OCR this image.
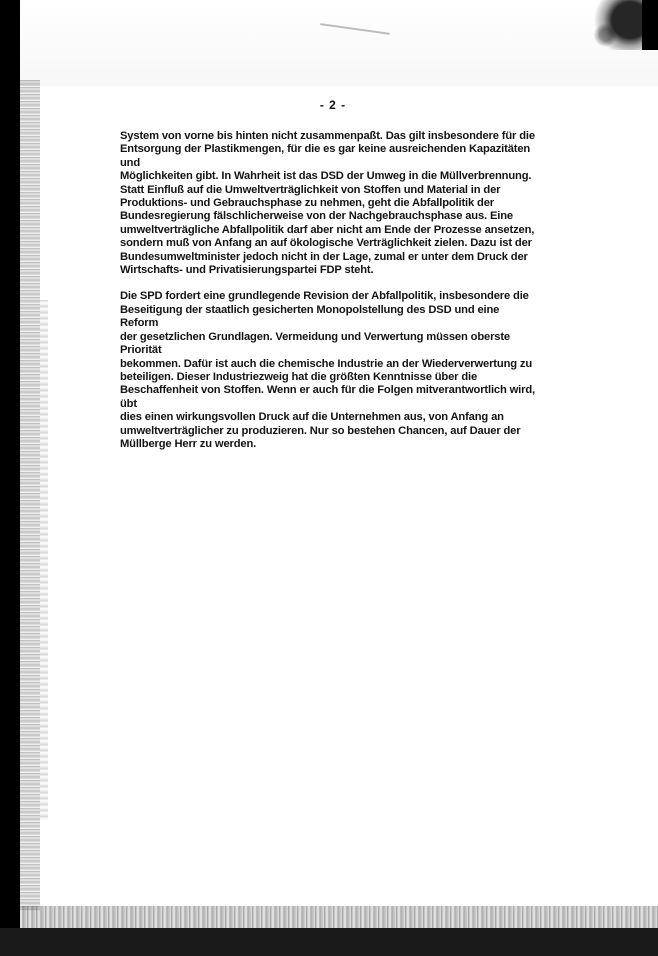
- 2 -

System von vorne bis hinten nicht zusammenpaßt. Das gilt insbesondere für die
Entsorgung der Plastikmengen, für die es gar keine ausreichenden Kapazitäten und
Möglichkeiten gibt. In Wahrheit ist das DSD der Umweg in die Müllverbrennung.
Statt Einfluß auf die Umweltverträglichkeit von Stoffen und Material in der
Produktions- und Gebrauchsphase zu nehmen, geht die Abfallpolitik der
Bundesregierung fälschlicherweise von der Nachgebrauchsphase aus. Eine
umweltverträgliche Abfallpolitik darf aber nicht am Ende der Prozesse ansetzen,
sondern muß von Anfang an auf ökologische Verträglichkeit zielen. Dazu ist der
Bundesumweltminister jedoch nicht in der Lage, zumal er unter dem Druck der
Wirtschafts- und Privatisierungspartei FDP steht.

Die SPD fordert eine grundlegende Revision der Abfallpolitik, insbesondere die
Beseitigung der staatlich gesicherten Monopolstellung des DSD und eine Reform
der gesetzlichen Grundlagen. Vermeidung und Verwertung müssen oberste Priorität
bekommen. Dafür ist auch die chemische Industrie an der Wiederverwertung zu
beteiligen. Dieser Industriezweig hat die größten Kenntnisse über die
Beschaffenheit von Stoffen. Wenn er auch für die Folgen mitverantwortlich wird, übt
dies einen wirkungsvollen Druck auf die Unternehmen aus, von Anfang an
umweltverträglicher zu produzieren. Nur so bestehen Chancen, auf Dauer der
Müllberge Herr zu werden.
